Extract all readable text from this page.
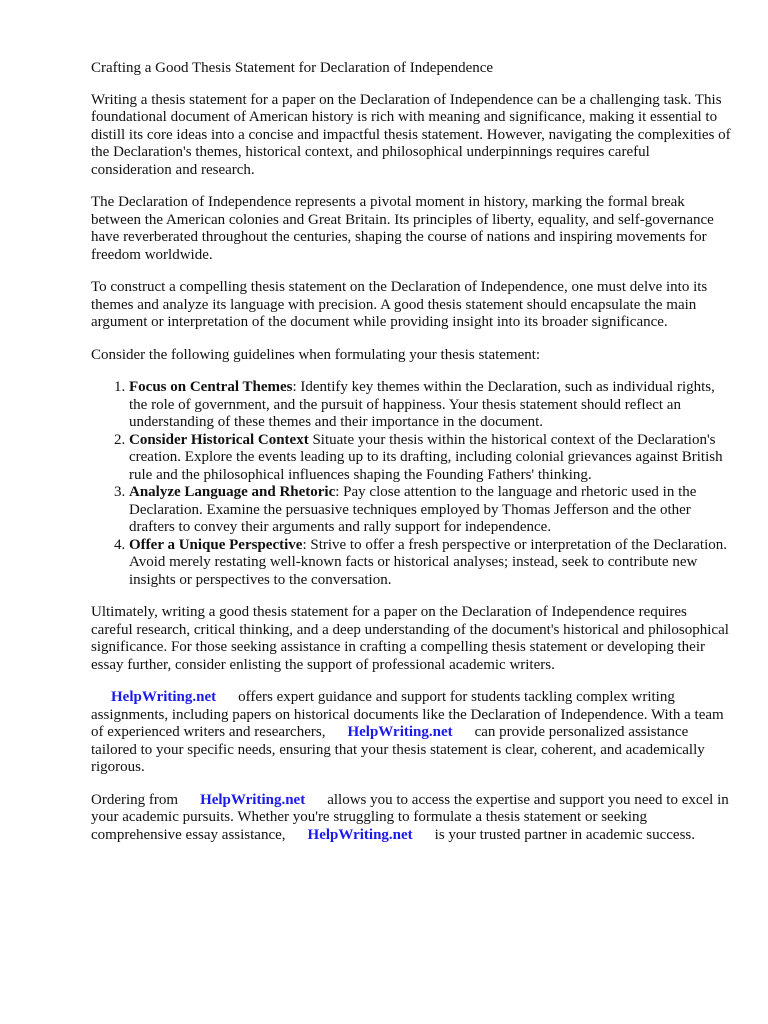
Crafting a Good Thesis Statement for Declaration of Independence

Writing a thesis statement for a paper on the Declaration of Independence can be a challenging task. This foundational document of American history is rich with meaning and significance, making it essential to distill its core ideas into a concise and impactful thesis statement. However, navigating the complexities of the Declaration's themes, historical context, and philosophical underpinnings requires careful consideration and research.

The Declaration of Independence represents a pivotal moment in history, marking the formal break between the American colonies and Great Britain. Its principles of liberty, equality, and self-governance have reverberated throughout the centuries, shaping the course of nations and inspiring movements for freedom worldwide.

To construct a compelling thesis statement on the Declaration of Independence, one must delve into its themes and analyze its language with precision. A good thesis statement should encapsulate the main argument or interpretation of the document while providing insight into its broader significance.

Consider the following guidelines when formulating your thesis statement:

1. Focus on Central Themes: Identify key themes within the Declaration, such as individual rights, the role of government, and the pursuit of happiness. Your thesis statement should reflect an understanding of these themes and their importance in the document.
2. Consider Historical Context Situate your thesis within the historical context of the Declaration's creation. Explore the events leading up to its drafting, including colonial grievances against British rule and the philosophical influences shaping the Founding Fathers' thinking.
3. Analyze Language and Rhetoric: Pay close attention to the language and rhetoric used in the Declaration. Examine the persuasive techniques employed by Thomas Jefferson and the other drafters to convey their arguments and rally support for independence.
4. Offer a Unique Perspective: Strive to offer a fresh perspective or interpretation of the Declaration. Avoid merely restating well-known facts or historical analyses; instead, seek to contribute new insights or perspectives to the conversation.

Ultimately, writing a good thesis statement for a paper on the Declaration of Independence requires careful research, critical thinking, and a deep understanding of the document's historical and philosophical significance. For those seeking assistance in crafting a compelling thesis statement or developing their essay further, consider enlisting the support of professional academic writers.

HelpWriting.net offers expert guidance and support for students tackling complex writing assignments, including papers on historical documents like the Declaration of Independence. With a team of experienced writers and researchers, HelpWriting.net can provide personalized assistance tailored to your specific needs, ensuring that your thesis statement is clear, coherent, and academically rigorous.

Ordering from HelpWriting.net allows you to access the expertise and support you need to excel in your academic pursuits. Whether you're struggling to formulate a thesis statement or seeking comprehensive essay assistance, HelpWriting.net is your trusted partner in academic success.
